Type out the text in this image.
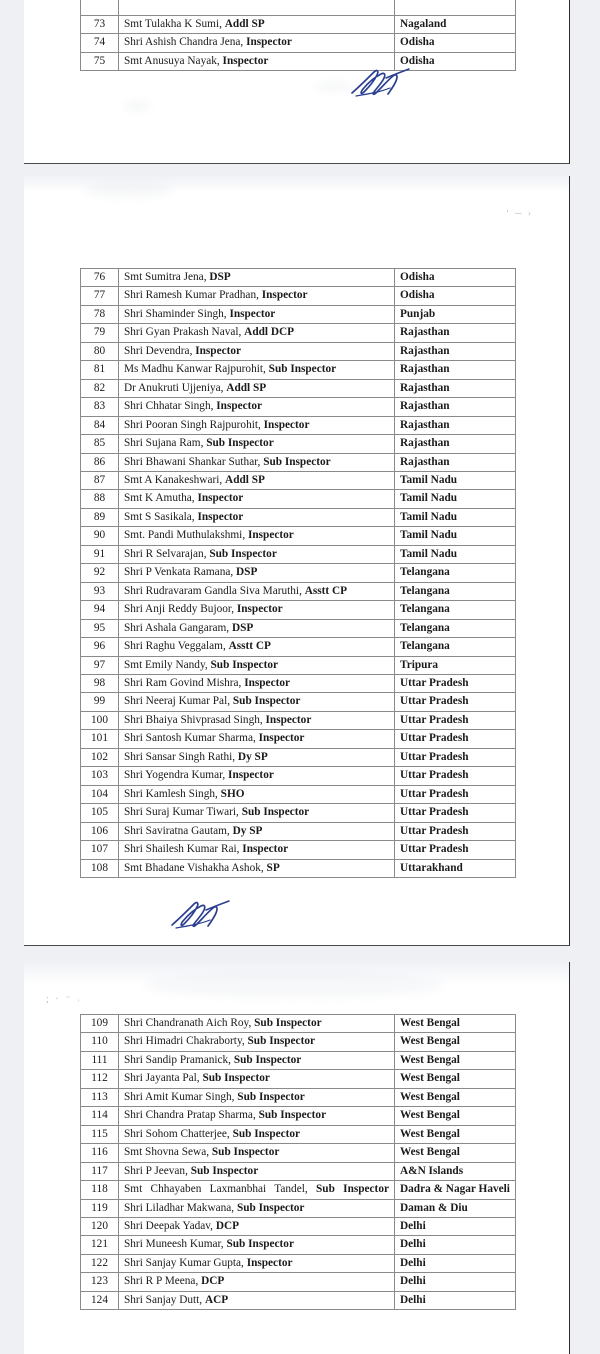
73	Smt Tulakha K Sumi, Addl SP	Nagaland
74	Shri Ashish Chandra Jena, Inspector	Odisha
75	Smt Anusuya Nayak, Inspector	Odisha
ʻ ─ ›
76	Smt Sumitra Jena, DSP	Odisha
77	Shri Ramesh Kumar Pradhan, Inspector	Odisha
78	Shri Shaminder Singh, Inspector	Punjab
79	Shri Gyan Prakash Naval, Addl DCP	Rajasthan
80	Shri Devendra, Inspector	Rajasthan
81	Ms Madhu Kanwar Rajpurohit, Sub Inspector	Rajasthan
82	Dr Anukruti Ujjeniya, Addl SP	Rajasthan
83	Shri Chhatar Singh, Inspector	Rajasthan
84	Shri Pooran Singh Rajpurohit, Inspector	Rajasthan
85	Shri Sujana Ram, Sub Inspector	Rajasthan
86	Shri Bhawani Shankar Suthar, Sub Inspector	Rajasthan
87	Smt A Kanakeshwari, Addl SP	Tamil Nadu
88	Smt K Amutha, Inspector	Tamil Nadu
89	Smt S Sasikala, Inspector	Tamil Nadu
90	Smt. Pandi Muthulakshmi, Inspector	Tamil Nadu
91	Shri R Selvarajan, Sub Inspector	Tamil Nadu
92	Shri P Venkata Ramana, DSP	Telangana
93	Shri Rudravaram Gandla Siva Maruthi, Asstt CP	Telangana
94	Shri Anji Reddy Bujoor, Inspector	Telangana
95	Shri Ashala Gangaram, DSP	Telangana
96	Shri Raghu Veggalam, Asstt CP	Telangana
97	Smt Emily Nandy, Sub Inspector	Tripura
98	Shri Ram Govind Mishra, Inspector	Uttar Pradesh
99	Shri Neeraj Kumar Pal, Sub Inspector	Uttar Pradesh
100	Shri Bhaiya Shivprasad Singh, Inspector	Uttar Pradesh
101	Shri Santosh Kumar Sharma, Inspector	Uttar Pradesh
102	Shri Sansar Singh Rathi, Dy SP	Uttar Pradesh
103	Shri Yogendra Kumar, Inspector	Uttar Pradesh
104	Shri Kamlesh Singh, SHO	Uttar Pradesh
105	Shri Suraj Kumar Tiwari, Sub Inspector	Uttar Pradesh
106	Shri Saviratna Gautam, Dy SP	Uttar Pradesh
107	Shri Shailesh Kumar Rai, Inspector	Uttar Pradesh
108	Smt Bhadane Vishakha Ashok, SP	Uttarakhand
; · ⁻ ˒
109	Shri Chandranath Aich Roy, Sub Inspector	West Bengal
110	Shri Himadri Chakraborty, Sub Inspector	West Bengal
111	Shri Sandip Pramanick, Sub Inspector	West Bengal
112	Shri Jayanta Pal, Sub Inspector	West Bengal
113	Shri Amit Kumar Singh, Sub Inspector	West Bengal
114	Shri Chandra Pratap Sharma, Sub Inspector	West Bengal
115	Shri Sohom Chatterjee, Sub Inspector	West Bengal
116	Smt Shovna Sewa, Sub Inspector	West Bengal
117	Shri P Jeevan, Sub Inspector	A&N Islands
118	Smt Chhayaben Laxmanbhai Tandel, Sub Inspector	Dadra & Nagar Haveli
119	Shri Liladhar Makwana, Sub Inspector	Daman & Diu
120	Shri Deepak Yadav, DCP	Delhi
121	Shri Muneesh Kumar, Sub Inspector	Delhi
122	Shri Sanjay Kumar Gupta, Inspector	Delhi
123	Shri R P Meena, DCP	Delhi
124	Shri Sanjay Dutt, ACP	Delhi
